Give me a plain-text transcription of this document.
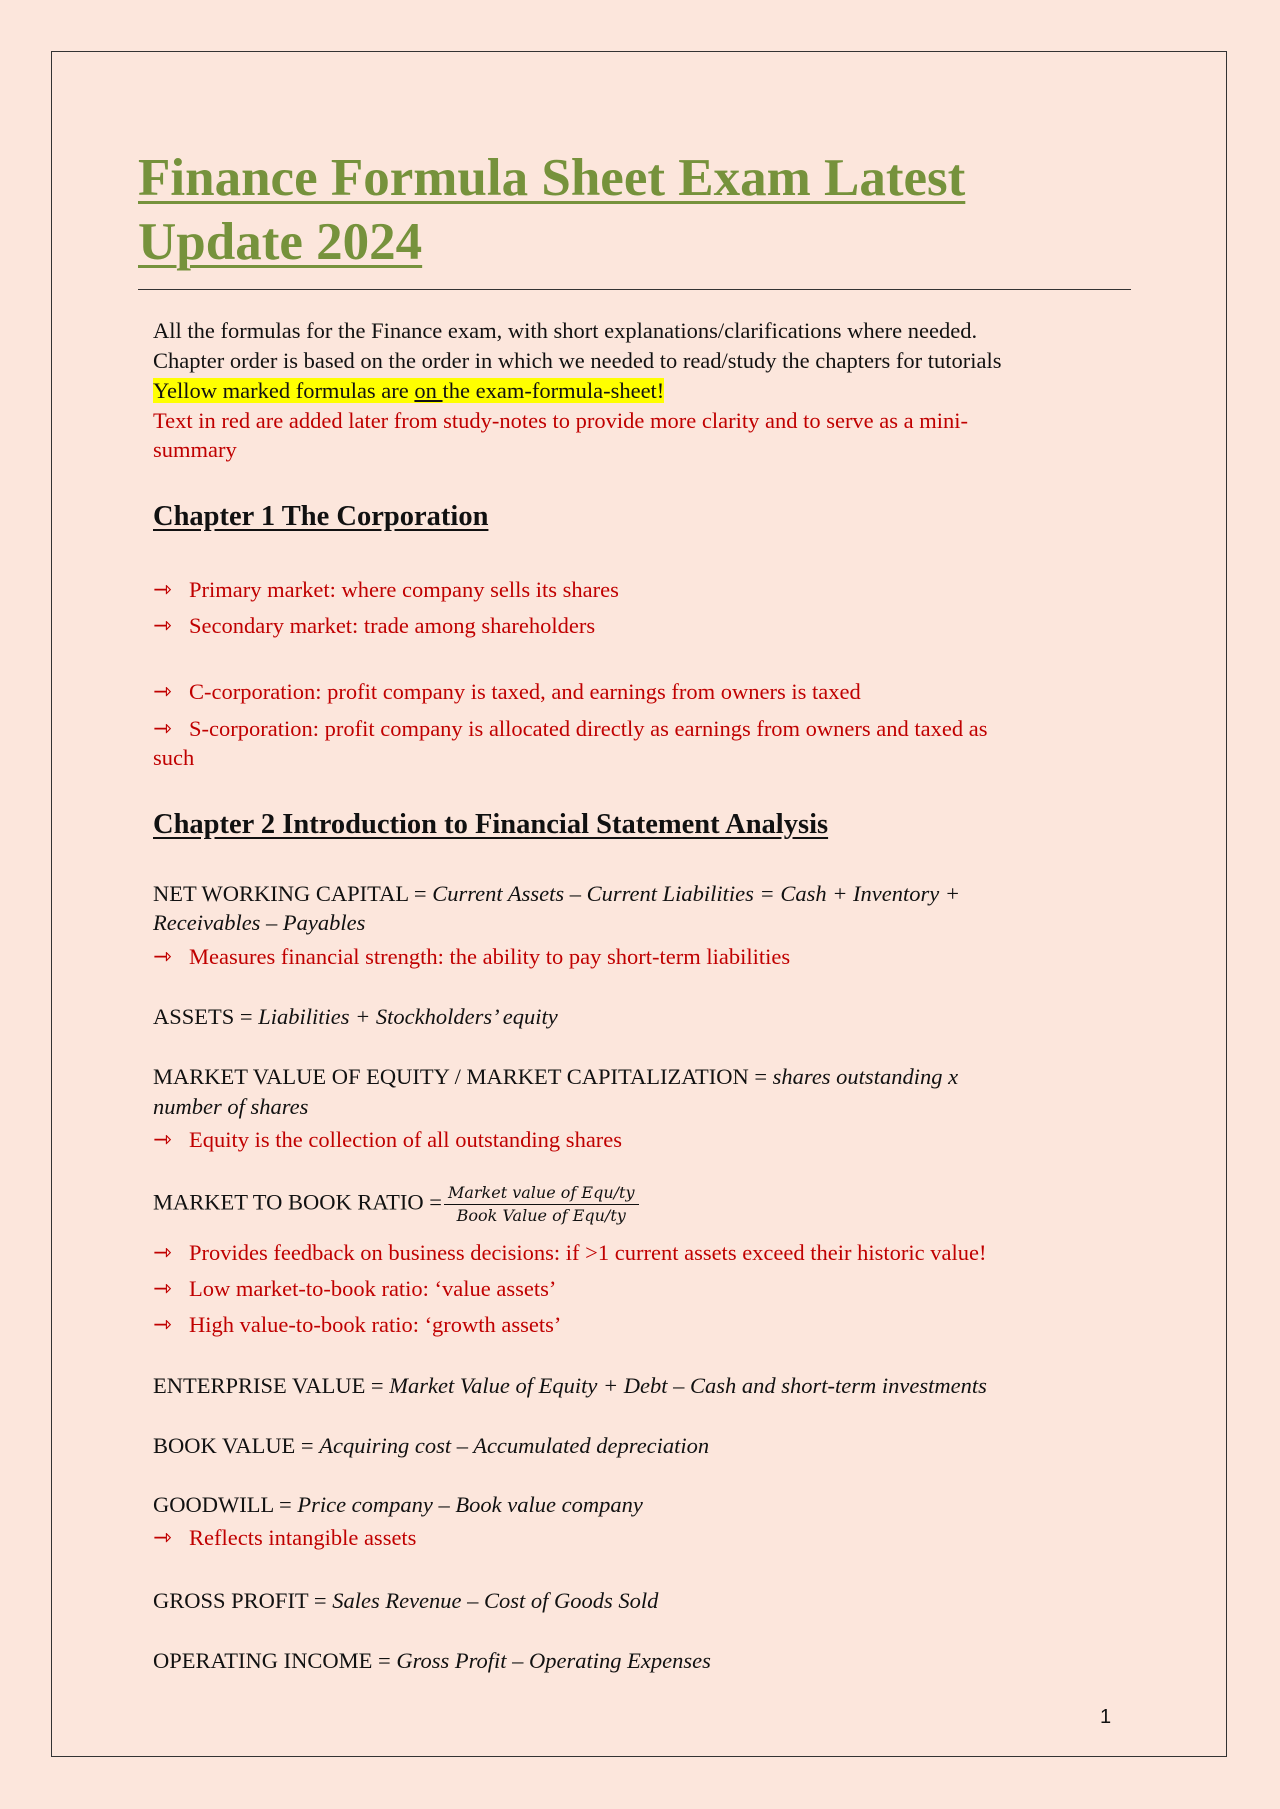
Finance Formula Sheet Exam Latest Update 2024
All the formulas for the Finance exam, with short explanations/clarifications where needed.
Chapter order is based on the order in which we needed to read/study the chapters for tutorials
Yellow marked formulas are on the exam-formula-sheet!
Text in red are added later from study-notes to provide more clarity and to serve as a mini-
summary
Chapter 1 The Corporation
⇾ Primary market: where company sells its shares
⇾ Secondary market: trade among shareholders
⇾ C-corporation: profit company is taxed, and earnings from owners is taxed
⇾ S-corporation: profit company is allocated directly as earnings from owners and taxed as
such
Chapter 2 Introduction to Financial Statement Analysis
NET WORKING CAPITAL = Current Assets – Current Liabilities = Cash + Inventory +
Receivables – Payables
⇾ Measures financial strength: the ability to pay short-term liabilities
ASSETS = Liabilities + Stockholders’ equity
MARKET VALUE OF EQUITY / MARKET CAPITALIZATION = shares outstanding x
number of shares
⇾ Equity is the collection of all outstanding shares
MARKET TO BOOK RATIO = $\frac{\text{Market value of Equ/ty}}{\text{Book Value of Equ/ty}}$
⇾ Provides feedback on business decisions: if >1 current assets exceed their historic value!
⇾ Low market-to-book ratio: ‘value assets’
⇾ High value-to-book ratio: ‘growth assets’
ENTERPRISE VALUE = Market Value of Equity + Debt – Cash and short-term investments
BOOK VALUE = Acquiring cost – Accumulated depreciation
GOODWILL = Price company – Book value company
⇾ Reflects intangible assets
GROSS PROFIT = Sales Revenue – Cost of Goods Sold
OPERATING INCOME = Gross Profit – Operating Expenses
1
